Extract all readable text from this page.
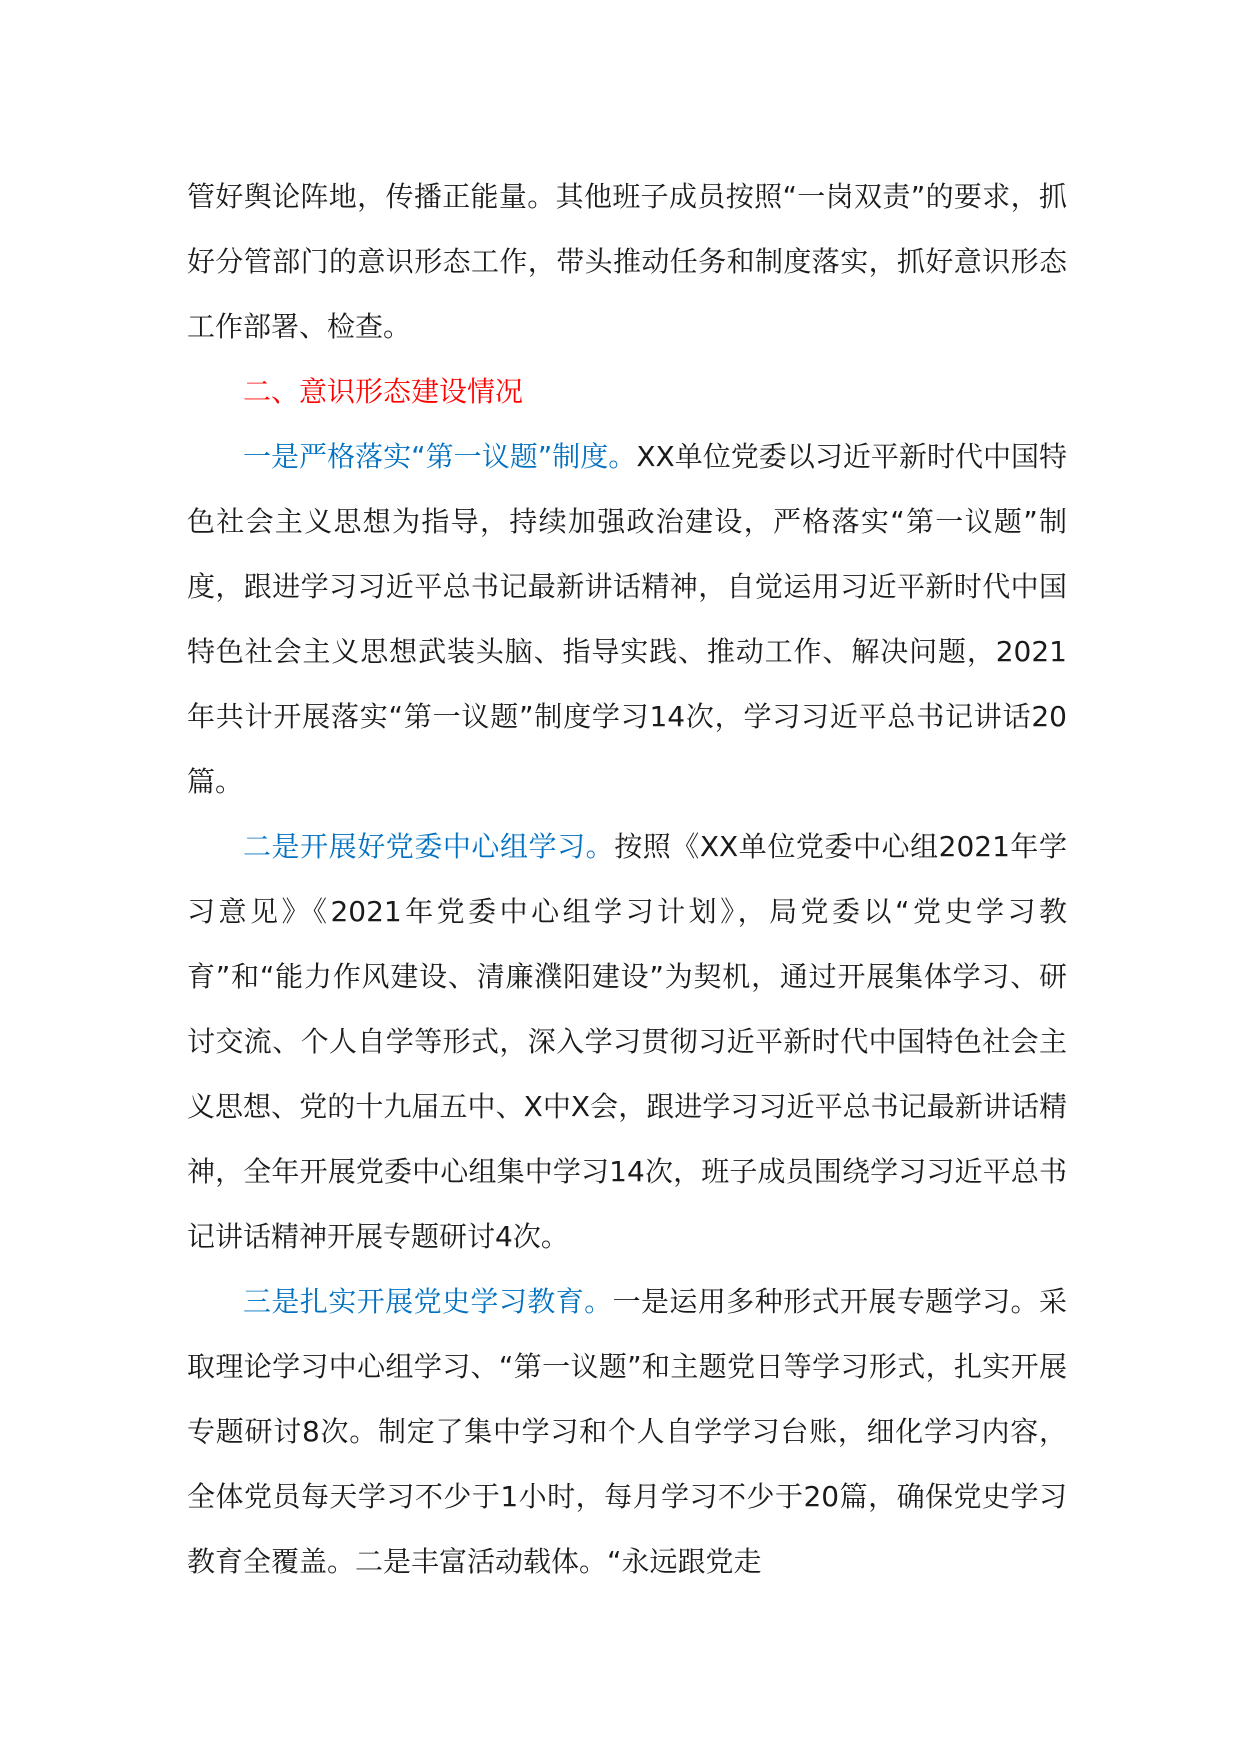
管好舆论阵地，传播正能量。其他班子成员按照“一岗双责”的要求，抓好分管部门的意识形态工作，带头推动任务和制度落实，抓好意识形态工作部署、检查。

二、意识形态建设情况

一是严格落实“第一议题”制度。XX单位党委以习近平新时代中国特色社会主义思想为指导，持续加强政治建设，严格落实“第一议题”制度，跟进学习习近平总书记最新讲话精神，自觉运用习近平新时代中国特色社会主义思想武装头脑、指导实践、推动工作、解决问题，2021年共计开展落实“第一议题”制度学习14次，学习习近平总书记讲话20篇。

二是开展好党委中心组学习。按照《XX单位党委中心组2021年学习意见》《2021年党委中心组学习计划》，局党委以“党史学习教育”和“能力作风建设、清廉濮阳建设”为契机，通过开展集体学习、研讨交流、个人自学等形式，深入学习贯彻习近平新时代中国特色社会主义思想、党的十九届五中、X中X会，跟进学习习近平总书记最新讲话精神，全年开展党委中心组集中学习14次，班子成员围绕学习习近平总书记讲话精神开展专题研讨4次。

三是扎实开展党史学习教育。一是运用多种形式开展专题学习。采取理论学习中心组学习、“第一议题”和主题党日等学习形式，扎实开展专题研讨8次。制定了集中学习和个人自学学习台账，细化学习内容，全体党员每天学习不少于1小时，每月学习不少于20篇，确保党史学习教育全覆盖。二是丰富活动载体。“永远跟党走
